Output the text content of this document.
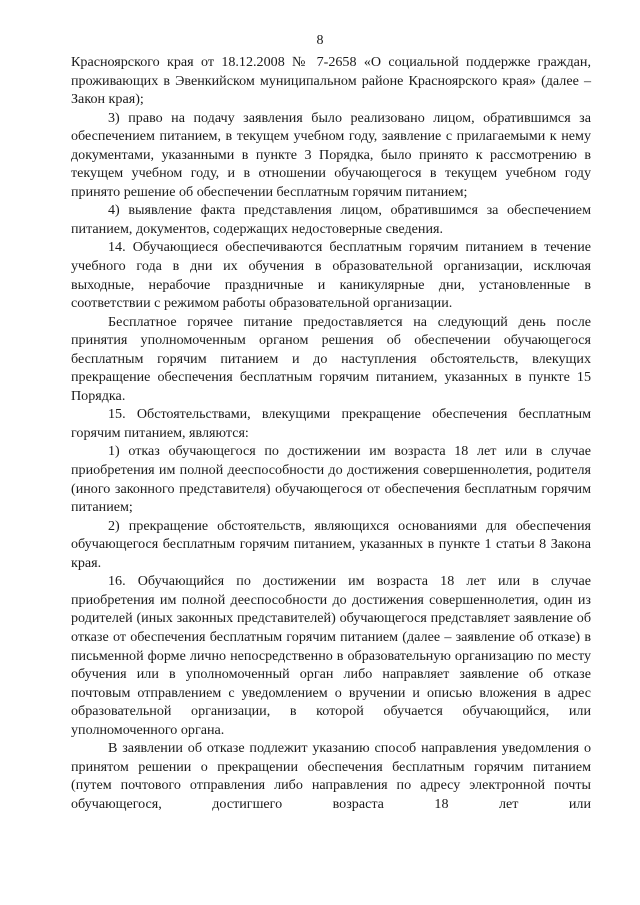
8

Красноярского края от 18.12.2008 № 7-2658 «О социальной поддержке граждан, проживающих в Эвенкийском муниципальном районе Красноярского края» (далее – Закон края);

3) право на подачу заявления было реализовано лицом, обратившимся за обеспечением питанием, в текущем учебном году, заявление с прилагаемыми к нему документами, указанными в пункте 3 Порядка, было принято к рассмотрению в текущем учебном году, и в отношении обучающегося в текущем учебном году принято решение об обеспечении бесплатным горячим питанием;

4) выявление факта представления лицом, обратившимся за обеспечением питанием, документов, содержащих недостоверные сведения.

14. Обучающиеся обеспечиваются бесплатным горячим питанием в течение учебного года в дни их обучения в образовательной организации, исключая выходные, нерабочие праздничные и каникулярные дни, установленные в соответствии с режимом работы образовательной организации.

Бесплатное горячее питание предоставляется на следующий день после принятия уполномоченным органом решения об обеспечении обучающегося бесплатным горячим питанием и до наступления обстоятельств, влекущих прекращение обеспечения бесплатным горячим питанием, указанных в пункте 15 Порядка.

15. Обстоятельствами, влекущими прекращение обеспечения бесплатным горячим питанием, являются:

1) отказ обучающегося по достижении им возраста 18 лет или в случае приобретения им полной дееспособности до достижения совершеннолетия, родителя (иного законного представителя) обучающегося от обеспечения бесплатным горячим питанием;

2) прекращение обстоятельств, являющихся основаниями для обеспечения обучающегося бесплатным горячим питанием, указанных в пункте 1 статьи 8 Закона края.

16. Обучающийся по достижении им возраста 18 лет или в случае приобретения им полной дееспособности до достижения совершеннолетия, один из родителей (иных законных представителей) обучающегося представляет заявление об отказе от обеспечения бесплатным горячим питанием (далее – заявление об отказе) в письменной форме лично непосредственно в образовательную организацию по месту обучения или в уполномоченный орган либо направляет заявление об отказе почтовым отправлением с уведомлением о вручении и описью вложения в адрес образовательной организации, в которой обучается обучающийся, или уполномоченного органа.

В заявлении об отказе подлежит указанию способ направления уведомления о принятом решении о прекращении обеспечения бесплатным горячим питанием (путем почтового отправления либо направления по адресу электронной почты обучающегося, достигшего возраста 18 лет или
